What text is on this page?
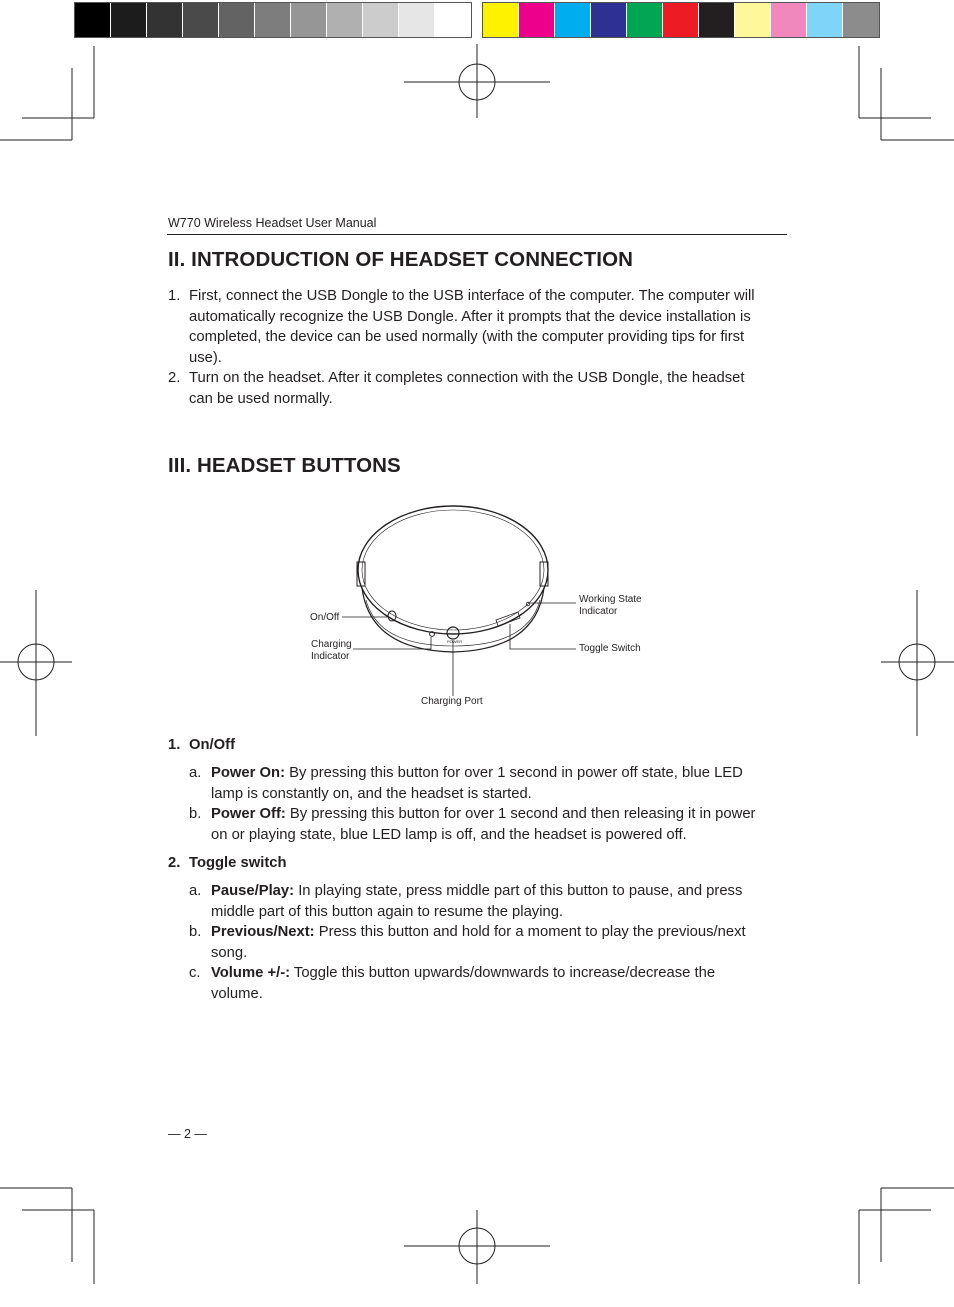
W770 Wireless Headset User Manual
II. INTRODUCTION OF HEADSET CONNECTION
1. First, connect the USB Dongle to the USB interface of the computer. The computer will
automatically recognize the USB Dongle. After it prompts that the device installation is
completed, the device can be used normally (with the computer providing tips for first
use).
2. Turn on the headset. After it completes connection with the USB Dongle, the headset
can be used normally.
III. HEADSET BUTTONS
POWER
Working State
Indicator
On/Off
Charging
Indicator
Toggle Switch
Charging Port
1. On/Off
a. Power On: By pressing this button for over 1 second in power off state, blue LED
lamp is constantly on, and the headset is started.
b. Power Off: By pressing this button for over 1 second and then releasing it in power
on or playing state, blue LED lamp is off, and the headset is powered off.
2. Toggle switch
a. Pause/Play: In playing state, press middle part of this button to pause, and press
middle part of this button again to resume the playing.
b. Previous/Next: Press this button and hold for a moment to play the previous/next
song.
c. Volume +/-: Toggle this button upwards/downwards to increase/decrease the
volume.
— 2 —
